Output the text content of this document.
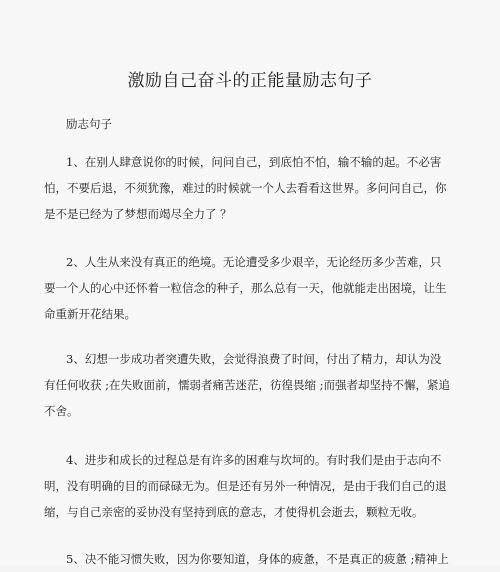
激励自己奋斗的正能量励志句子
励志句子
1、在别人肆意说你的时候，问问自己，到底怕不怕，输不输的起。不必害
怕，不要后退，不须犹豫，难过的时候就一个人去看看这世界。多问问自己，你
是不是已经为了梦想而竭尽全力了 ？
2、人生从来没有真正的绝境。无论遭受多少艰辛，无论经历多少苦难，只
要一个人的心中还怀着一粒信念的种子，那么总有一天，他就能走出困境，让生
命重新开花结果。
3、幻想一步成功者突遭失败，会觉得浪费了时间，付出了精力，却认为没
有任何收获 ;在失败面前，懦弱者痛苦迷茫，彷徨畏缩 ;而强者却坚持不懈，紧追
不舍。
4、进步和成长的过程总是有许多的困难与坎坷的。有时我们是由于志向不
明，没有明确的目的而碌碌无为。但是还有另外一种情况，是由于我们自己的退
缩，与自己亲密的妥协没有坚持到底的意志，才使得机会逝去，颗粒无收。
5、决不能习惯失败，因为你要知道，身体的疲惫，不是真正的疲惫 ;精神上
